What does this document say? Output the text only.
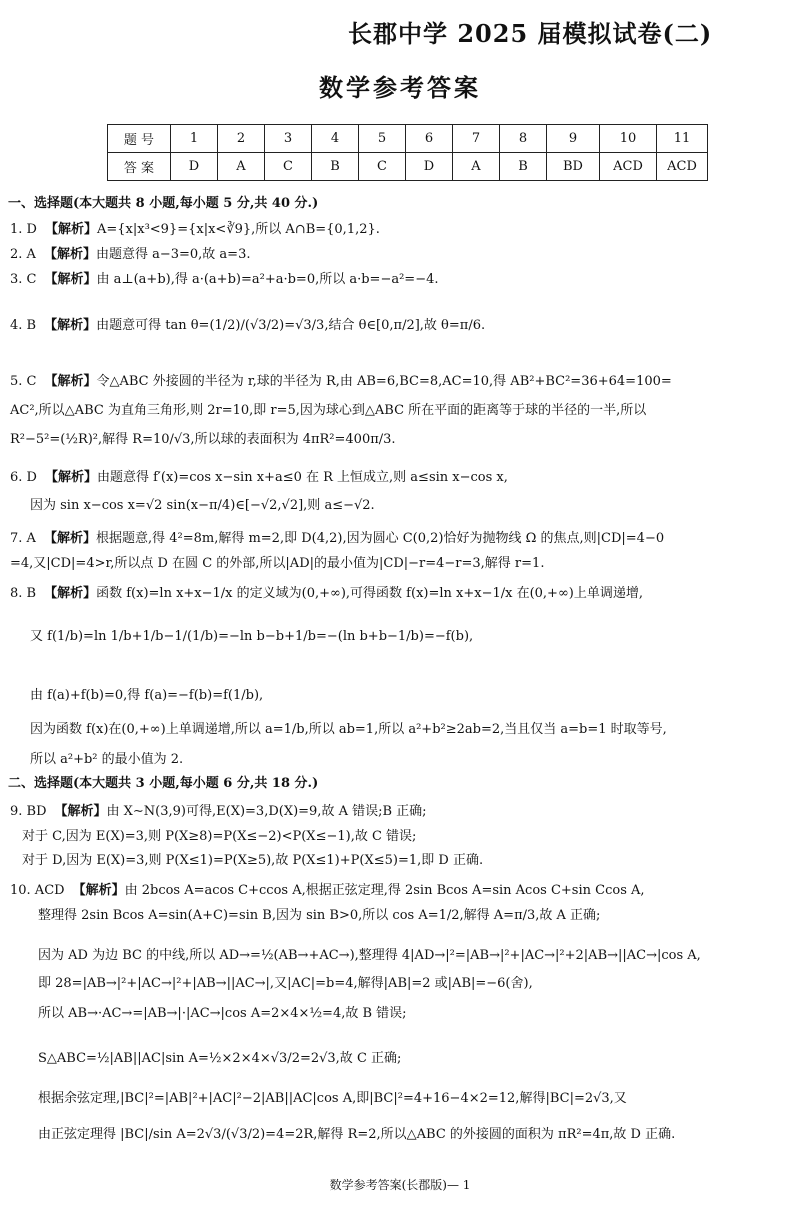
长郡中学 2025 届模拟试卷(二)
数学参考答案
题 号	1	2	3	4	5	6	7	8	9	10	11
答 案	D	A	C	B	C	D	A	B	BD	ACD	ACD
一、选择题(本大题共 8 小题,每小题 5 分,共 40 分.)
二、选择题(本大题共 3 小题,每小题 6 分,共 18 分.)
1. D 【解析】A={x|x³<9}={x|x<∛9},所以 A∩B={0,1,2}.
2. A 【解析】由题意得 a−3=0,故 a=3.
3. C 【解析】由 a⊥(a+b),得 a·(a+b)=a²+a·b=0,所以 a·b=−a²=−4.
4. B 【解析】由题意可得 tan θ=(1/2)/(√3/2)=√3/3,结合 θ∈[0,π/2],故 θ=π/6.
5. C 【解析】令△ABC 外接圆的半径为 r,球的半径为 R,由 AB=6,BC=8,AC=10,得 AB²+BC²=36+64=100=
AC²,所以△ABC 为直角三角形,则 2r=10,即 r=5,因为球心到△ABC 所在平面的距离等于球的半径的一半,所以
R²−5²=(½R)²,解得 R=10/√3,所以球的表面积为 4πR²=400π/3.
6. D 【解析】由题意得 f′(x)=cos x−sin x+a≤0 在 R 上恒成立,则 a≤sin x−cos x,
因为 sin x−cos x=√2 sin(x−π/4)∈[−√2,√2],则 a≤−√2.
7. A 【解析】根据题意,得 4²=8m,解得 m=2,即 D(4,2),因为圆心 C(0,2)恰好为抛物线 Ω 的焦点,则|CD|=4−0
=4,又|CD|=4>r,所以点 D 在圆 C 的外部,所以|AD|的最小值为|CD|−r=4−r=3,解得 r=1.
8. B 【解析】函数 f(x)=ln x+x−1/x 的定义域为(0,+∞),可得函数 f(x)=ln x+x−1/x 在(0,+∞)上单调递增,
又 f(1/b)=ln 1/b+1/b−1/(1/b)=−ln b−b+1/b=−(ln b+b−1/b)=−f(b),
由 f(a)+f(b)=0,得 f(a)=−f(b)=f(1/b),
因为函数 f(x)在(0,+∞)上单调递增,所以 a=1/b,所以 ab=1,所以 a²+b²≥2ab=2,当且仅当 a=b=1 时取等号,
所以 a²+b² 的最小值为 2.
9. BD 【解析】由 X∼N(3,9)可得,E(X)=3,D(X)=9,故 A 错误;B 正确;
对于 C,因为 E(X)=3,则 P(X≥8)=P(X≤−2)<P(X≤−1),故 C 错误;
对于 D,因为 E(X)=3,则 P(X≤1)=P(X≥5),故 P(X≤1)+P(X≤5)=1,即 D 正确.
10. ACD 【解析】由 2bcos A=acos C+ccos A,根据正弦定理,得 2sin Bcos A=sin Acos C+sin Ccos A,
整理得 2sin Bcos A=sin(A+C)=sin B,因为 sin B>0,所以 cos A=1/2,解得 A=π/3,故 A 正确;
因为 AD 为边 BC 的中线,所以 AD→=½(AB→+AC→),整理得 4|AD→|²=|AB→|²+|AC→|²+2|AB→||AC→|cos A,
即 28=|AB→|²+|AC→|²+|AB→||AC→|,又|AC|=b=4,解得|AB|=2 或|AB|=−6(舍),
所以 AB→·AC→=|AB→|·|AC→|cos A=2×4×½=4,故 B 错误;
S△ABC=½|AB||AC|sin A=½×2×4×√3/2=2√3,故 C 正确;
根据余弦定理,|BC|²=|AB|²+|AC|²−2|AB||AC|cos A,即|BC|²=4+16−4×2=12,解得|BC|=2√3,又
由正弦定理得 |BC|/sin A=2√3/(√3/2)=4=2R,解得 R=2,所以△ABC 的外接圆的面积为 πR²=4π,故 D 正确.
数学参考答案(长郡版)— 1
